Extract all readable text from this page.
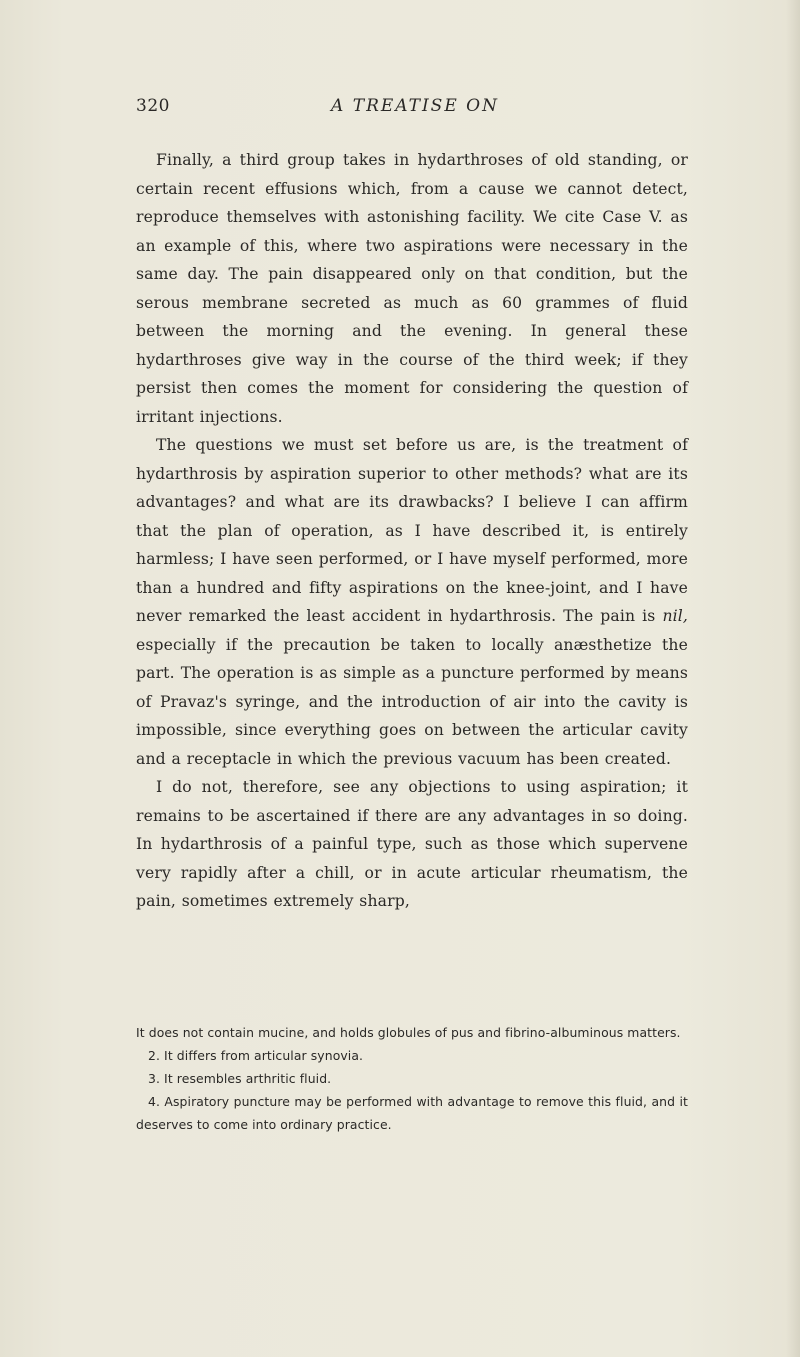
320	A TREATISE ON

Finally, a third group takes in hydarthroses of old standing, or certain recent effusions which, from a cause we cannot detect, reproduce themselves with astonishing facility. We cite Case V. as an example of this, where two aspirations were necessary in the same day. The pain disappeared only on that condition, but the serous membrane secreted as much as 60 grammes of fluid between the morning and the evening. In general these hydarthroses give way in the course of the third week; if they persist then comes the moment for considering the question of irritant injections.

The questions we must set before us are, is the treatment of hydarthrosis by aspiration superior to other methods? what are its advantages? and what are its drawbacks? I believe I can affirm that the plan of operation, as I have described it, is entirely harmless; I have seen performed, or I have myself performed, more than a hundred and fifty aspirations on the knee-joint, and I have never remarked the least accident in hydarthrosis. The pain is nil, especially if the precaution be taken to locally anæsthetize the part. The operation is as simple as a puncture performed by means of Pravaz's syringe, and the introduction of air into the cavity is impossible, since everything goes on between the articular cavity and a receptacle in which the previous vacuum has been created.

I do not, therefore, see any objections to using aspiration; it remains to be ascertained if there are any advantages in so doing. In hydarthrosis of a painful type, such as those which supervene very rapidly after a chill, or in acute articular rheumatism, the pain, sometimes extremely sharp,

It does not contain mucine, and holds globules of pus and fibrino-albuminous matters.

2. It differs from articular synovia.

3. It resembles arthritic fluid.

4. Aspiratory puncture may be performed with advantage to remove this fluid, and it deserves to come into ordinary practice.
